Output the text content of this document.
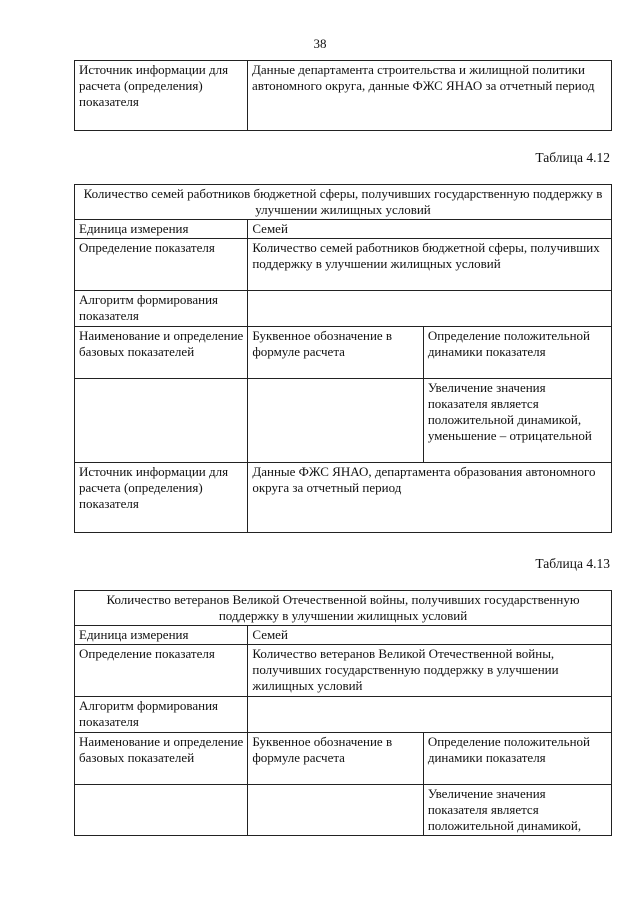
38
Источник информации для расчета (определения) показателя	Данные департамента строительства и жилищной политики автономного округа, данные ФЖС ЯНАО за отчетный период
Таблица 4.12
Количество семей работников бюджетной сферы, получивших государственную поддержку в улучшении жилищных условий		
Единица измерения	Семей	
Определение показателя	Количество семей работников бюджетной сферы, получивших поддержку в улучшении жилищных условий	
Алгоритм формирования показателя		
Наименование и определение базовых показателей	Буквенное обозначение в формуле расчета	Определение положительной динамики показателя
		Увеличение значения показателя является положительной динамикой, уменьшение – отрицательной
Источник информации для расчета (определения) показателя	Данные ФЖС ЯНАО, департамента образования автономного округа за отчетный период	
Таблица 4.13
Количество ветеранов Великой Отечественной войны, получивших государственную поддержку в улучшении жилищных условий		
Единица измерения	Семей	
Определение показателя	Количество ветеранов Великой Отечественной войны, получивших государственную поддержку в улучшении жилищных условий	
Алгоритм формирования показателя		
Наименование и определение базовых показателей	Буквенное обозначение в формуле расчета	Определение положительной динамики показателя
		Увеличение значения показателя является положительной динамикой,
